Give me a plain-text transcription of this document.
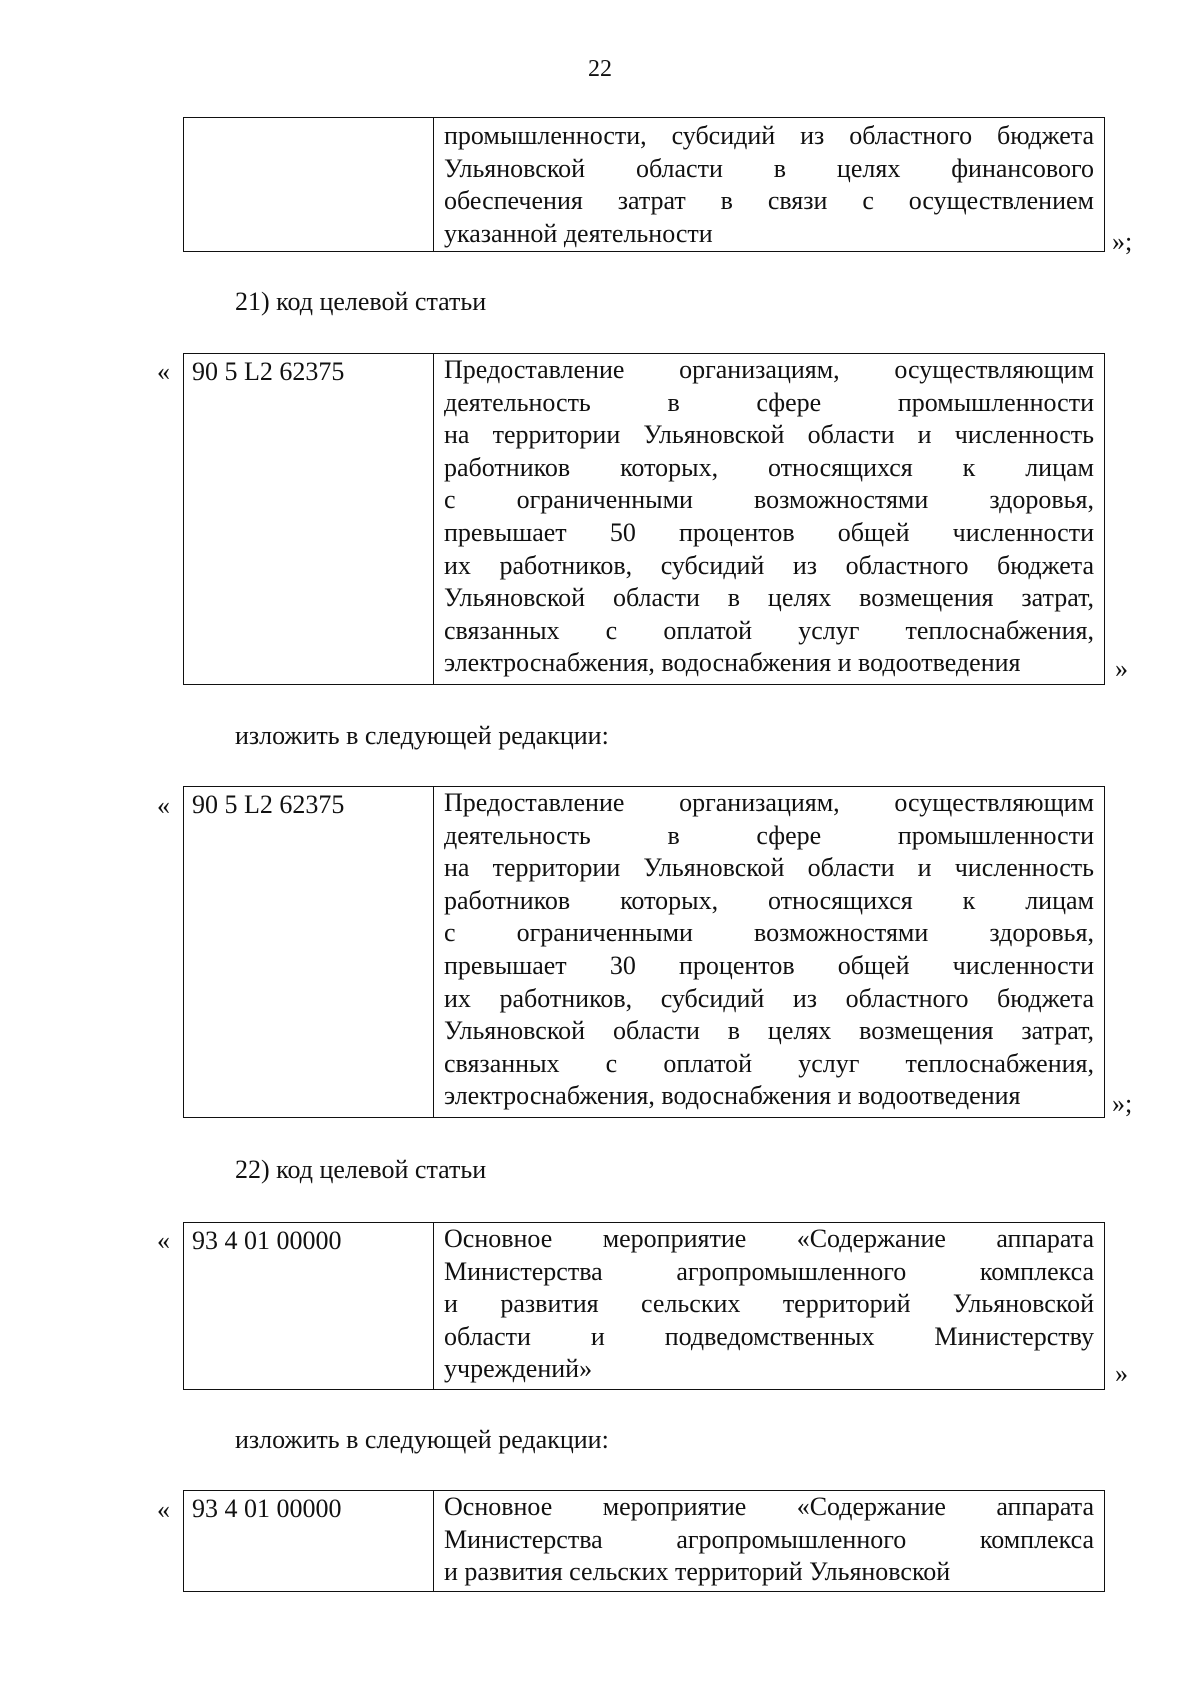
22
промышленности, субсидий из областного бюджета
Ульяновской области в целях финансового
обеспечения затрат в связи с осуществлением
указанной деятельности	»;
21) код целевой статьи
« 90 5 L2 62375	Предоставление организациям, осуществляющим
деятельность в сфере промышленности
на территории Ульяновской области и численность
работников которых, относящихся к лицам
с ограниченными возможностями здоровья,
превышает 50 процентов общей численности
их работников, субсидий из областного бюджета
Ульяновской области в целях возмещения затрат,
связанных с оплатой услуг теплоснабжения,
электроснабжения, водоснабжения и водоотведения	»
изложить в следующей редакции:
« 90 5 L2 62375	Предоставление организациям, осуществляющим
деятельность в сфере промышленности
на территории Ульяновской области и численность
работников которых, относящихся к лицам
с ограниченными возможностями здоровья,
превышает 30 процентов общей численности
их работников, субсидий из областного бюджета
Ульяновской области в целях возмещения затрат,
связанных с оплатой услуг теплоснабжения,
электроснабжения, водоснабжения и водоотведения	»;
22) код целевой статьи
« 93 4 01 00000	Основное мероприятие «Содержание аппарата
Министерства агропромышленного комплекса
и развития сельских территорий Ульяновской
области и подведомственных Министерству
учреждений»	»
изложить в следующей редакции:
« 93 4 01 00000	Основное мероприятие «Содержание аппарата
Министерства агропромышленного комплекса
и развития сельских территорий Ульяновской
